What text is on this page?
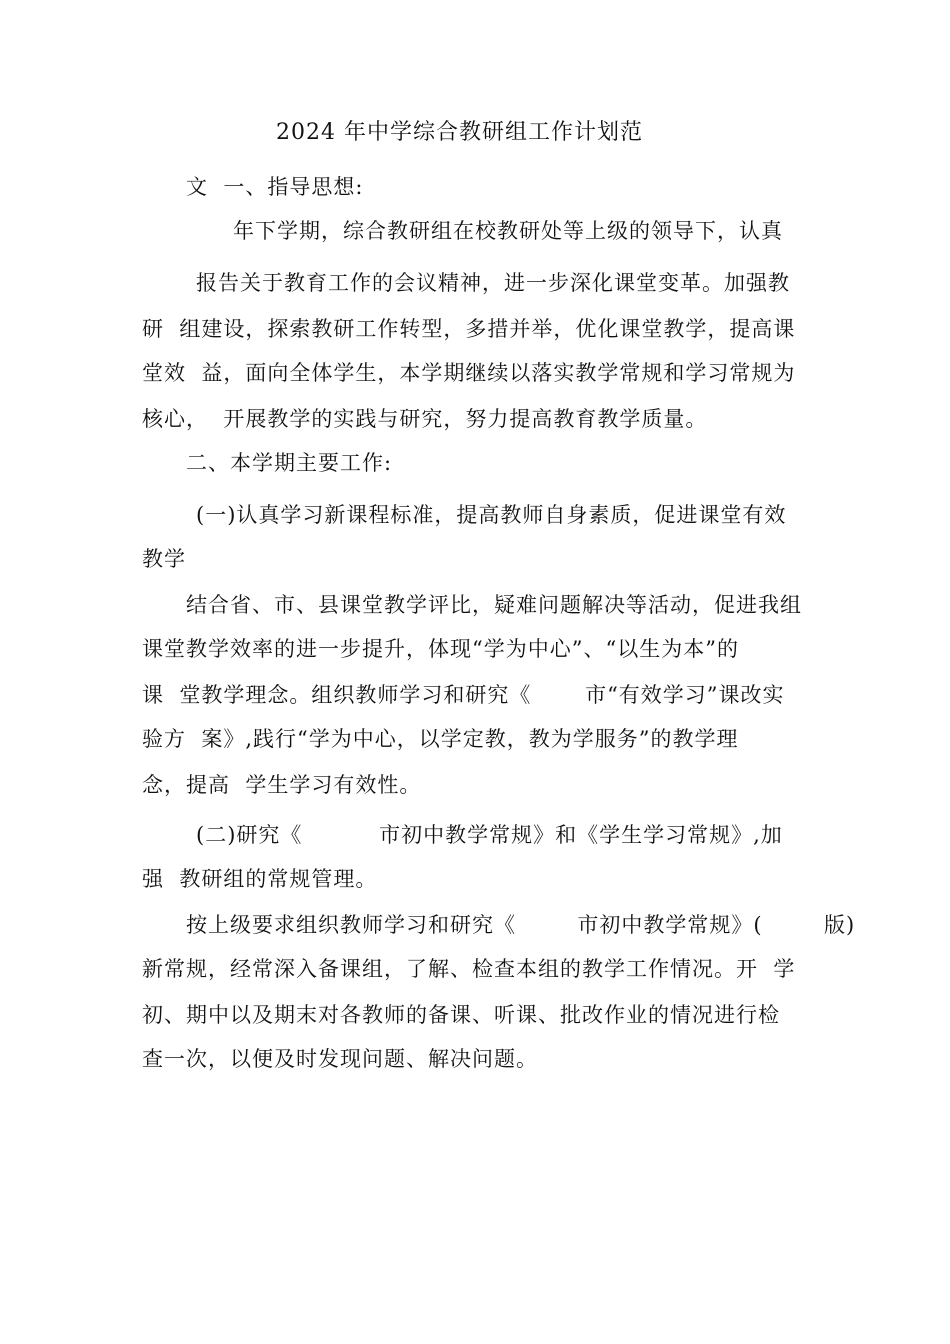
2024 年中学综合教研组工作计划范
文  一、指导思想:
年下学期，综合教研组在校教研处等上级的领导下，认真
报告关于教育工作的会议精神，进一步深化课堂变革。加强教
研  组建设，探索教研工作转型，多措并举，优化课堂教学，提高课
堂效  益，面向全体学生，本学期继续以落实教学常规和学习常规为
核心，  开展教学的实践与研究，努力提高教育教学质量。
二、本学期主要工作:
(一)认真学习新课程标准，提高教师自身素质，促进课堂有效
教学
结合省、市、县课堂教学评比，疑难问题解决等活动，促进我组
课堂教学效率的进一步提升，体现“学为中心”、“以生为本”的
课  堂教学理念。组织教师学习和研究《       市“有效学习”课改实
验方  案》,践行“学为中心，以学定教，教为学服务”的教学理
念，提高  学生学习有效性。
(二)研究《          市初中教学常规》和《学生学习常规》,加
强  教研组的常规管理。
按上级要求组织教师学习和研究《        市初中教学常规》(        版)
新常规，经常深入备课组，了解、检查本组的教学工作情况。开  学
初、期中以及期末对各教师的备课、听课、批改作业的情况进行检
查一次，以便及时发现问题、解决问题。
